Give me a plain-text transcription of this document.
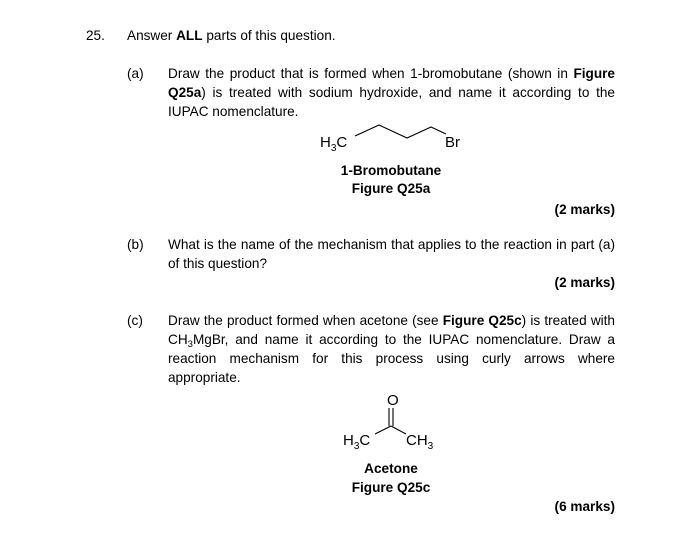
25. Answer ALL parts of this question.
(a) Draw the product that is formed when 1-bromobutane (shown in Figure Q25a) is treated with sodium hydroxide, and name it according to the IUPAC nomenclature.
$H_3C$	Br
1-Bromobutane
Figure Q25a
(2 marks)
(b) What is the name of the mechanism that applies to the reaction in part (a) of this question?
(2 marks)
(c) Draw the product formed when acetone (see Figure Q25c) is treated with $CH_3MgBr$, and name it according to the IUPAC nomenclature. Draw a reaction mechanism for this process using curly arrows where appropriate.
O
$H_3C$ $CH_3$
Acetone
Figure Q25c
(6 marks)
